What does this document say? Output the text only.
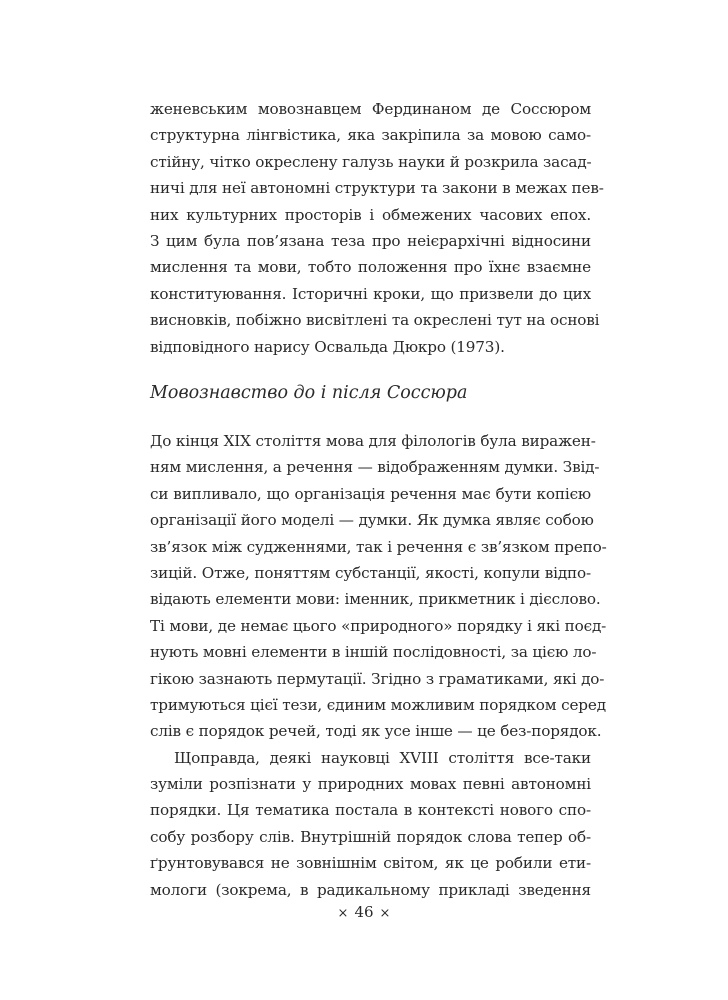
женевським мовознавцем Фердинаном де Соссюром
структурна лінгвістика, яка закріпила за мовою само-
стійну, чітко окреслену галузь науки й розкрила засад-
ничі для неї автономні структури та закони в межах пев-
них культурних просторів і обмежених часових епох.
З цим була пов’язана теза про неієрархічні відносини
мислення та мови, тобто положення про їхнє взаємне
конституювання. Історичні кроки, що призвели до цих
висновків, побіжно висвітлені та окреслені тут на основі
відповідного нарису Освальда Дюкро (1973).

Мовознавство до і після Соссюра

До кінця XIX століття мова для філологів була виражен-
ням мислення, а речення — відображенням думки. Звід-
си випливало, що організація речення має бути копією
організації його моделі — думки. Як думка являє собою
зв’язок між судженнями, так і речення є зв’язком препо-
зицій. Отже, поняттям субстанції, якості, копули відпо-
відають елементи мови: іменник, прикметник і дієслово.
Ті мови, де немає цього «природного» порядку і які поєд-
нують мовні елементи в іншій послідовності, за цією ло-
гікою зазнають пермутації. Згідно з граматиками, які до-
тримуються цієї тези, єдиним можливим порядком серед
слів є порядок речей, тоді як усе інше — це без-порядок.

Щоправда, деякі науковці XVIII століття все-таки
зуміли розпізнати у природних мовах певні автономні
порядки. Ця тематика постала в контексті нового спо-
собу розбору слів. Внутрішній порядок слова тепер об-
ґрунтовувався не зовнішнім світом, як це робили ети-
мологи (зокрема, в радикальному прикладі зведення

× 46 ×
